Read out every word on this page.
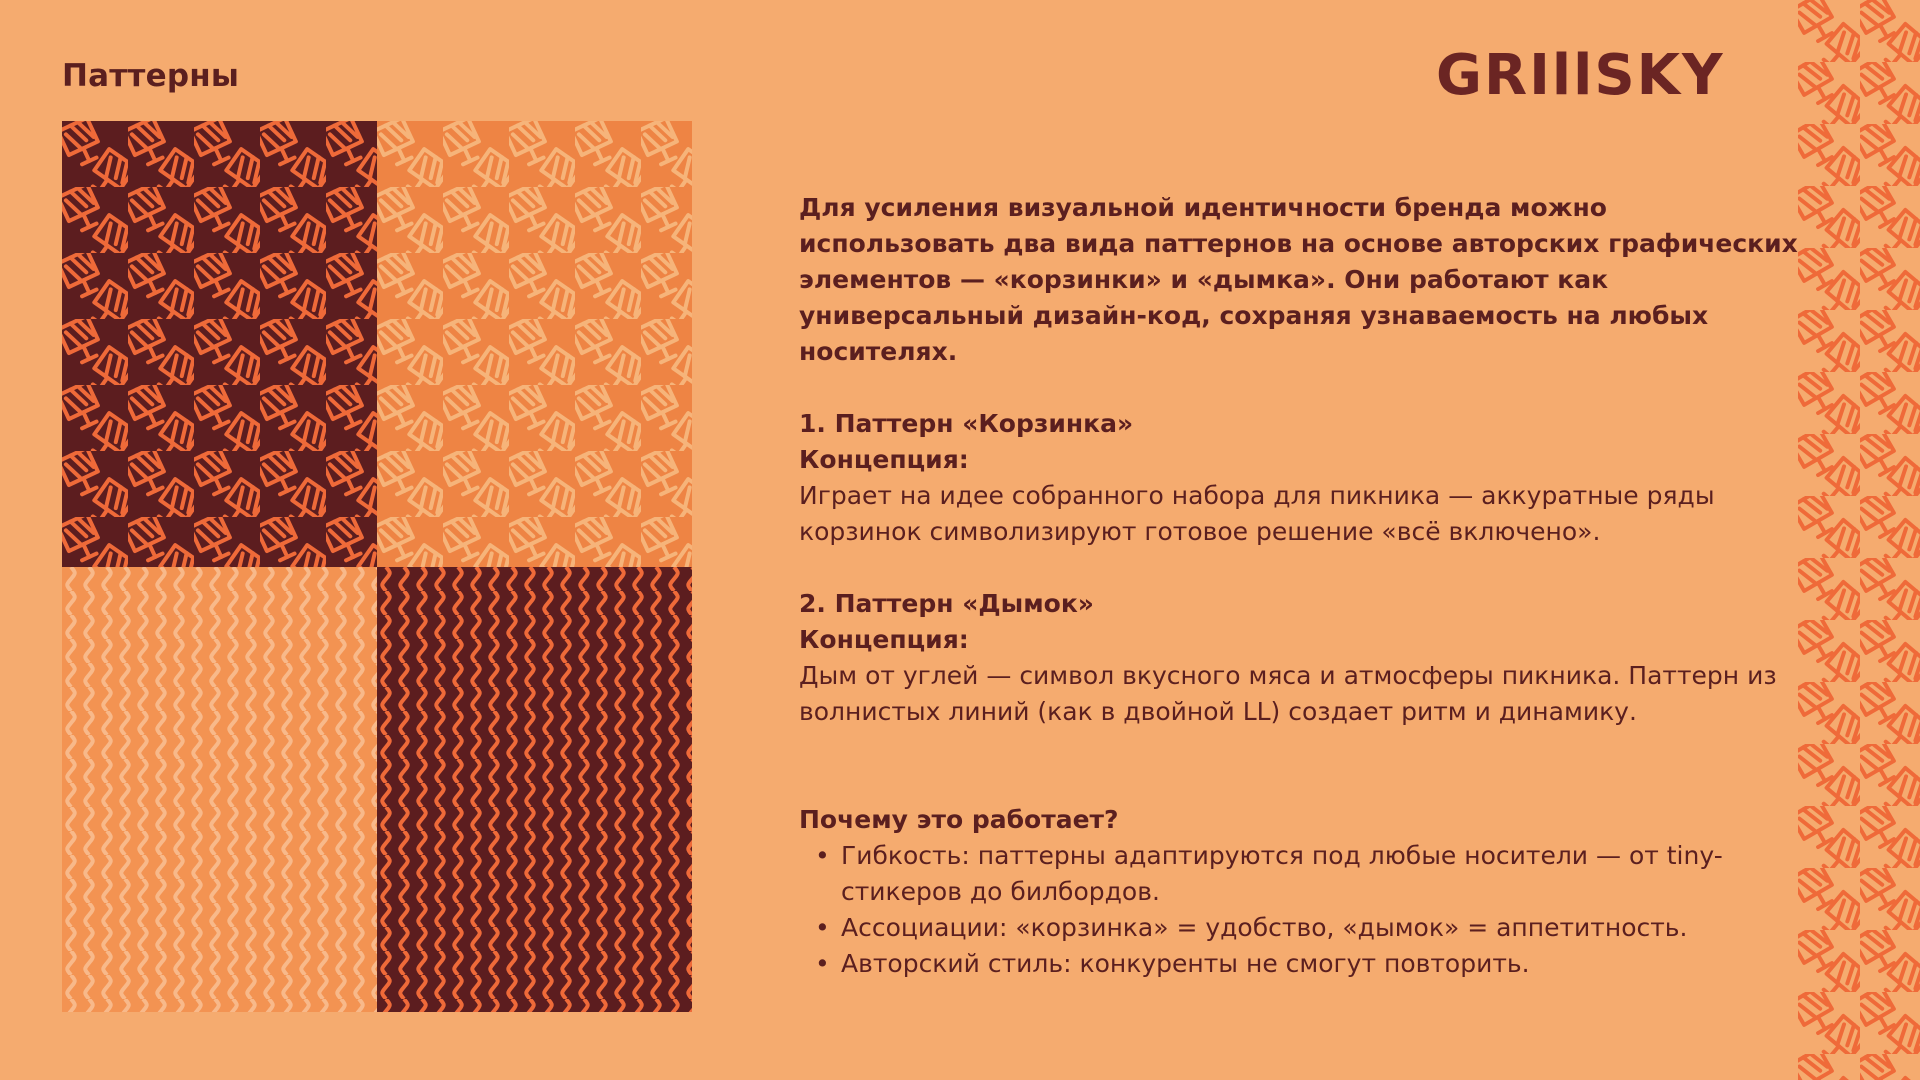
Паттерны	GRIllSKY

Для усиления визуальной идентичности бренда можно использовать два вида паттернов на основе авторских графических элементов — «корзинки» и «дымка». Они работают как универсальный дизайн-код, сохраняя узнаваемость на любых носителях.

1. Паттерн «Корзинка»

Концепция:

Играет на идее собранного набора для пикника — аккуратные ряды корзинок символизируют готовое решение «всё включено».

2. Паттерн «Дымок»

Концепция:

Дым от углей — символ вкусного мяса и атмосферы пикника. Паттерн из волнистых линий (как в двойной LL) создает ритм и динамику.

Почему это работает?

• Гибкость: паттерны адаптируются под любые носители — от tiny-стикеров до билбордов.
• Ассоциации: «корзинка» = удобство, «дымок» = аппетитность.
• Авторский стиль: конкуренты не смогут повторить.
